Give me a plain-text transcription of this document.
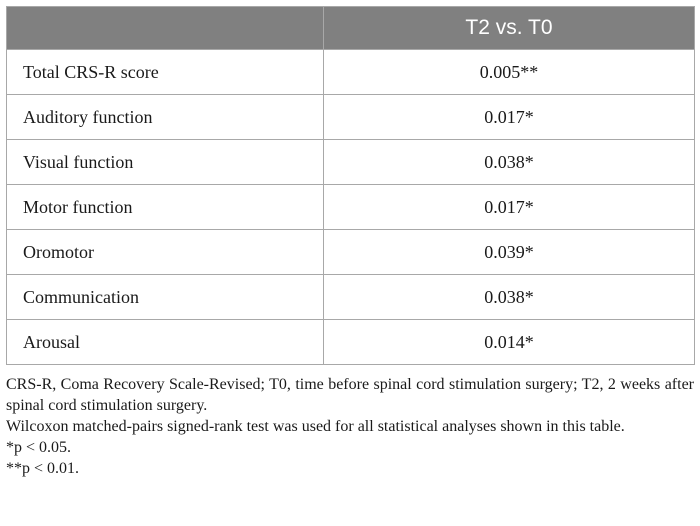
	T2 vs. T0
Total CRS-R score	0.005**
Auditory function	0.017*
Visual function	0.038*
Motor function	0.017*
Oromotor	0.039*
Communication	0.038*
Arousal	0.014*

CRS-R, Coma Recovery Scale-Revised; T0, time before spinal cord stimulation surgery; T2, 2 weeks after spinal cord stimulation surgery.

Wilcoxon matched-pairs signed-rank test was used for all statistical analyses shown in this table.

*p < 0.05.

**p < 0.01.
